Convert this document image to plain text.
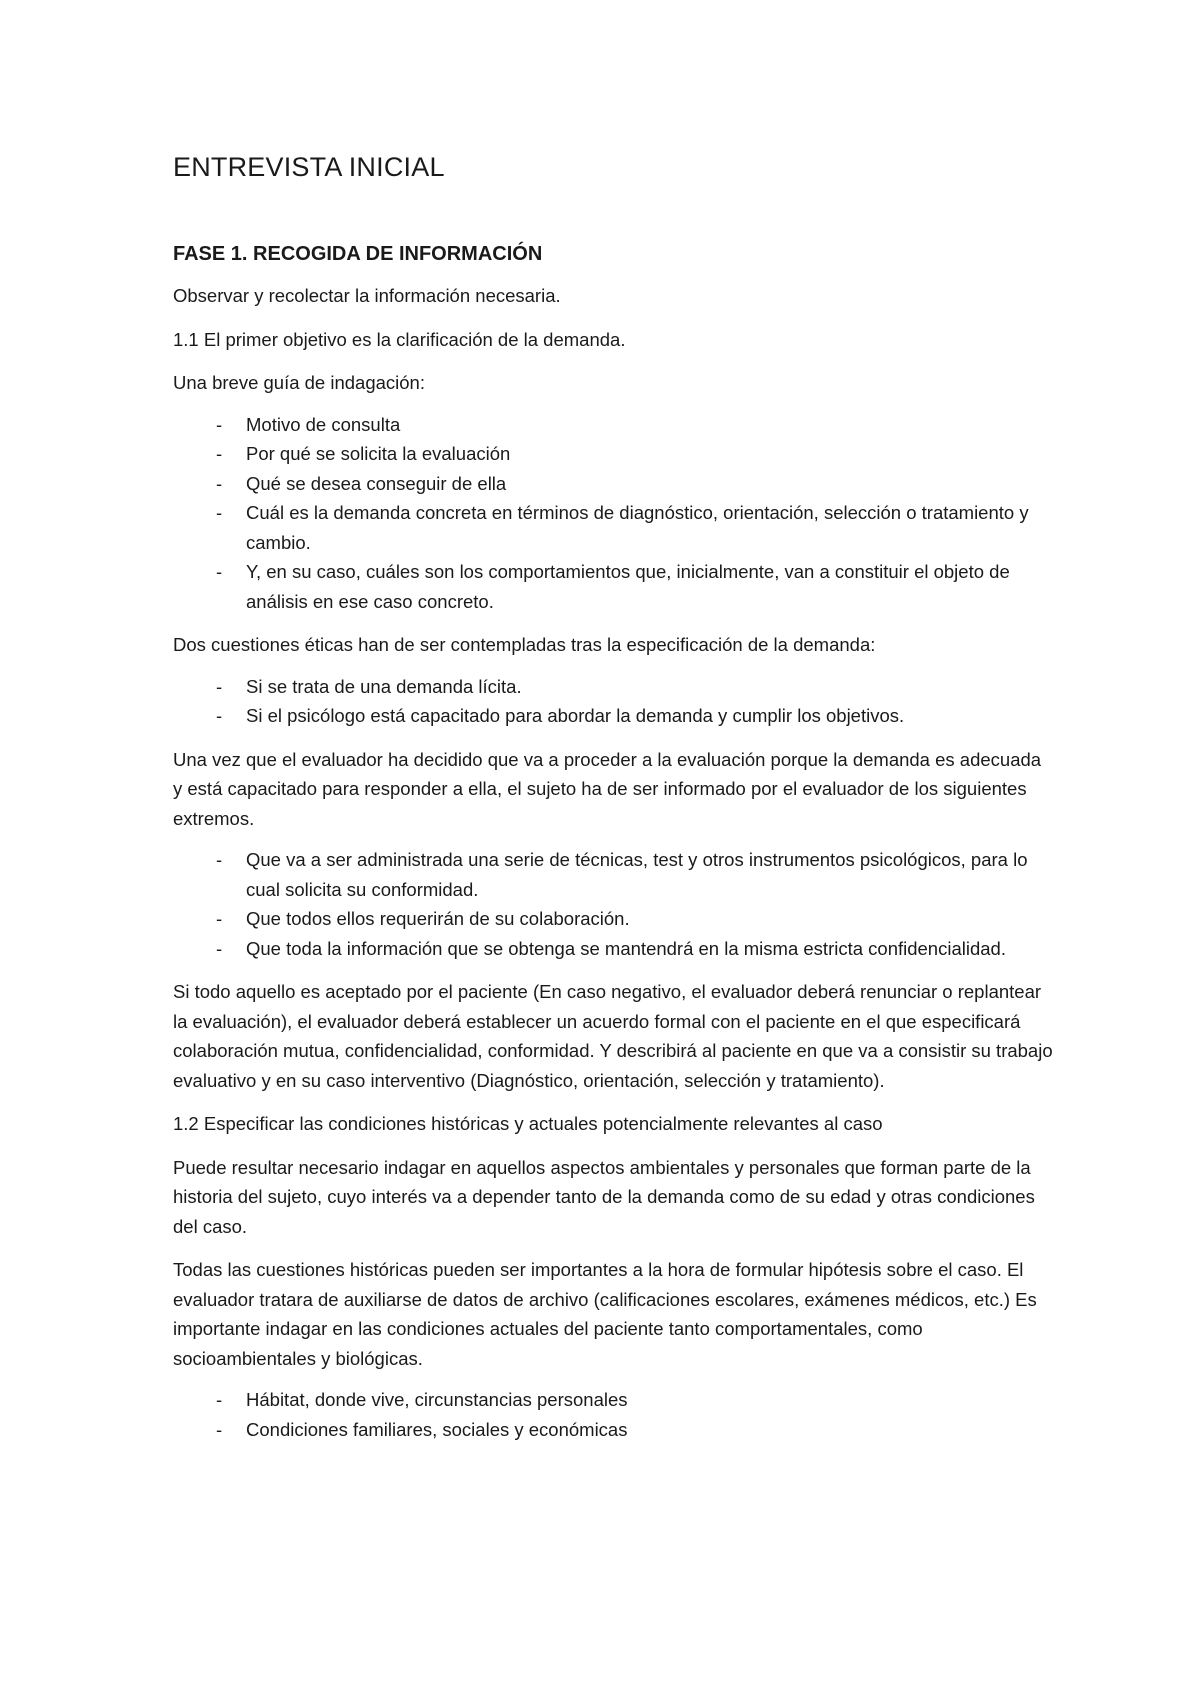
ENTREVISTA INICIAL
FASE 1. RECOGIDA DE INFORMACIÓN

Observar y recolectar la información necesaria.

1.1 El primer objetivo es la clarificación de la demanda.

Una breve guía de indagación:

- Motivo de consulta
- Por qué se solicita la evaluación
- Qué se desea conseguir de ella
- Cuál es la demanda concreta en términos de diagnóstico, orientación, selección o tratamiento y cambio.
- Y, en su caso, cuáles son los comportamientos que, inicialmente, van a constituir el objeto de análisis en ese caso concreto.

Dos cuestiones éticas han de ser contempladas tras la especificación de la demanda:

- Si se trata de una demanda lícita.
- Si el psicólogo está capacitado para abordar la demanda y cumplir los objetivos.

Una vez que el evaluador ha decidido que va a proceder a la evaluación porque la demanda es adecuada y está capacitado para responder a ella, el sujeto ha de ser informado por el evaluador de los siguientes extremos.

- Que va a ser administrada una serie de técnicas, test y otros instrumentos psicológicos, para lo cual solicita su conformidad.
- Que todos ellos requerirán de su colaboración.
- Que toda la información que se obtenga se mantendrá en la misma estricta confidencialidad.

Si todo aquello es aceptado por el paciente (En caso negativo, el evaluador deberá renunciar o replantear la evaluación), el evaluador deberá establecer un acuerdo formal con el paciente en el que especificará colaboración mutua, confidencialidad, conformidad. Y describirá al paciente en que va a consistir su trabajo evaluativo y en su caso interventivo (Diagnóstico, orientación, selección y tratamiento).

1.2 Especificar las condiciones históricas y actuales potencialmente relevantes al caso

Puede resultar necesario indagar en aquellos aspectos ambientales y personales que forman parte de la historia del sujeto, cuyo interés va a depender tanto de la demanda como de su edad y otras condiciones del caso.

Todas las cuestiones históricas pueden ser importantes a la hora de formular hipótesis sobre el caso. El evaluador tratara de auxiliarse de datos de archivo (calificaciones escolares, exámenes médicos, etc.) Es importante indagar en las condiciones actuales del paciente tanto comportamentales, como socioambientales y biológicas.

- Hábitat, donde vive, circunstancias personales
- Condiciones familiares, sociales y económicas
